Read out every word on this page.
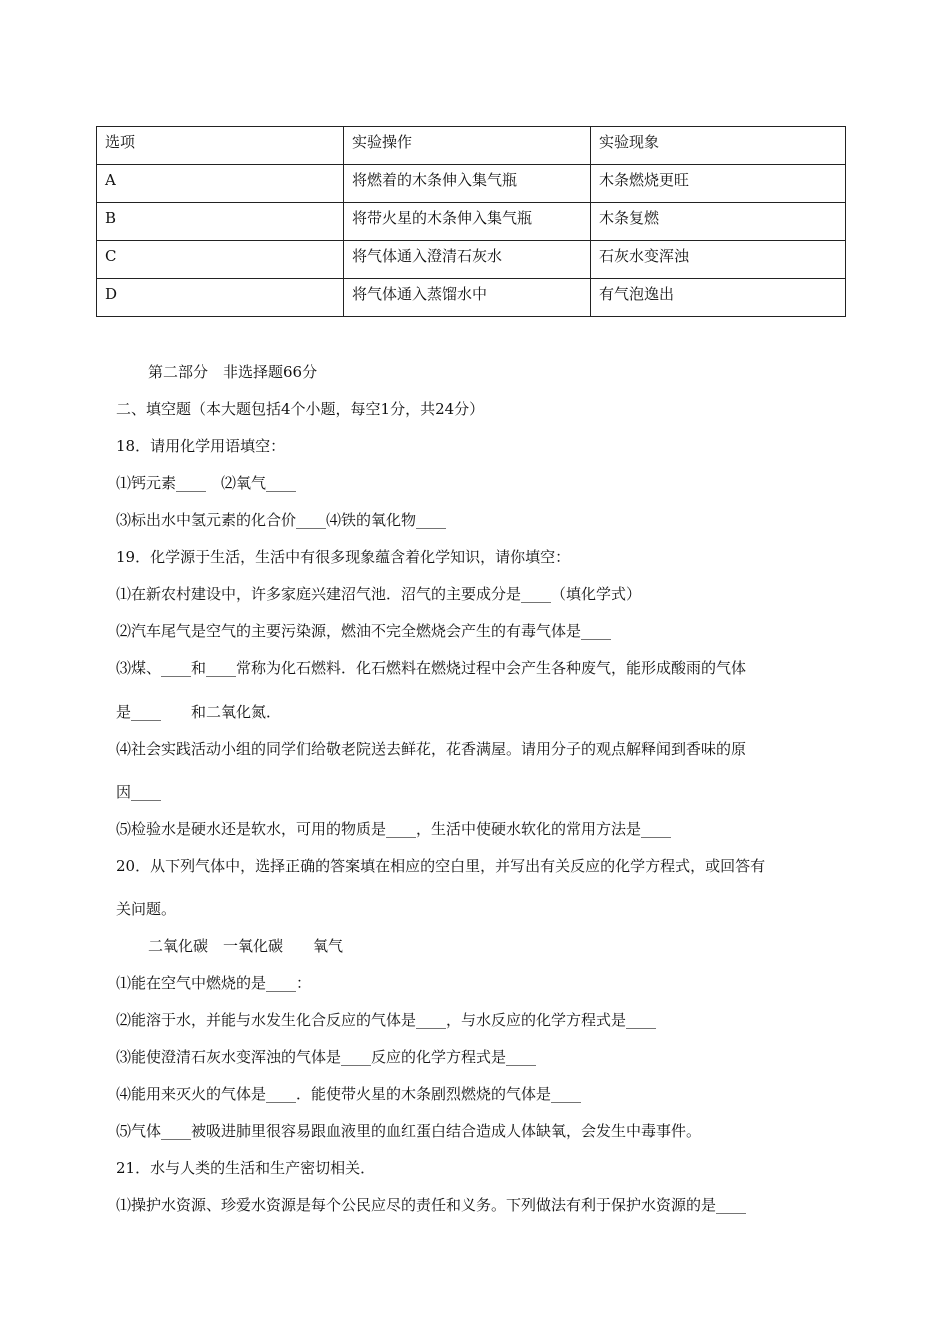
选项	实验操作	实验现象
A	将燃着的木条伸入集气瓶	木条燃烧更旺
B	将带火星的木条伸入集气瓶	木条复燃
C	将气体通入澄清石灰水	石灰水变浑浊
D	将气体通入蒸馏水中	有气泡逸出
第二部分　非选择题66分
二、填空题（本大题包括4个小题，每空1分，共24分）
18．请用化学用语填空：
⑴钙元素____　⑵氧气____
⑶标出水中氢元素的化合价____⑷铁的氧化物____
19．化学源于生活，生活中有很多现象蕴含着化学知识，请你填空：
⑴在新农村建设中，许多家庭兴建沼气池．沼气的主要成分是____（填化学式）
⑵汽车尾气是空气的主要污染源，燃油不完全燃烧会产生的有毒气体是____
⑶煤、____和____常称为化石燃料．化石燃料在燃烧过程中会产生各种废气，能形成酸雨的气体
是____　　和二氧化氮．
⑷社会实践活动小组的同学们给敬老院送去鲜花，花香满屋。请用分子的观点解释闻到香味的原
因____
⑸检验水是硬水还是软水，可用的物质是____，生活中使硬水软化的常用方法是____
20．从下列气体中，选择正确的答案填在相应的空白里，并写出有关反应的化学方程式，或回答有
关问题。
二氧化碳　一氧化碳　　氧气
⑴能在空气中燃烧的是____：
⑵能溶于水，并能与水发生化合反应的气体是____，与水反应的化学方程式是____
⑶能使澄清石灰水变浑浊的气体是____反应的化学方程式是____
⑷能用来灭火的气体是____．能使带火星的木条剧烈燃烧的气体是____
⑸气体____被吸进肺里很容易跟血液里的血红蛋白结合造成人体缺氧，会发生中毒事件。
21．水与人类的生活和生产密切相关．
⑴操护水资源、珍爱水资源是每个公民应尽的责任和义务。下列做法有利于保护水资源的是____
